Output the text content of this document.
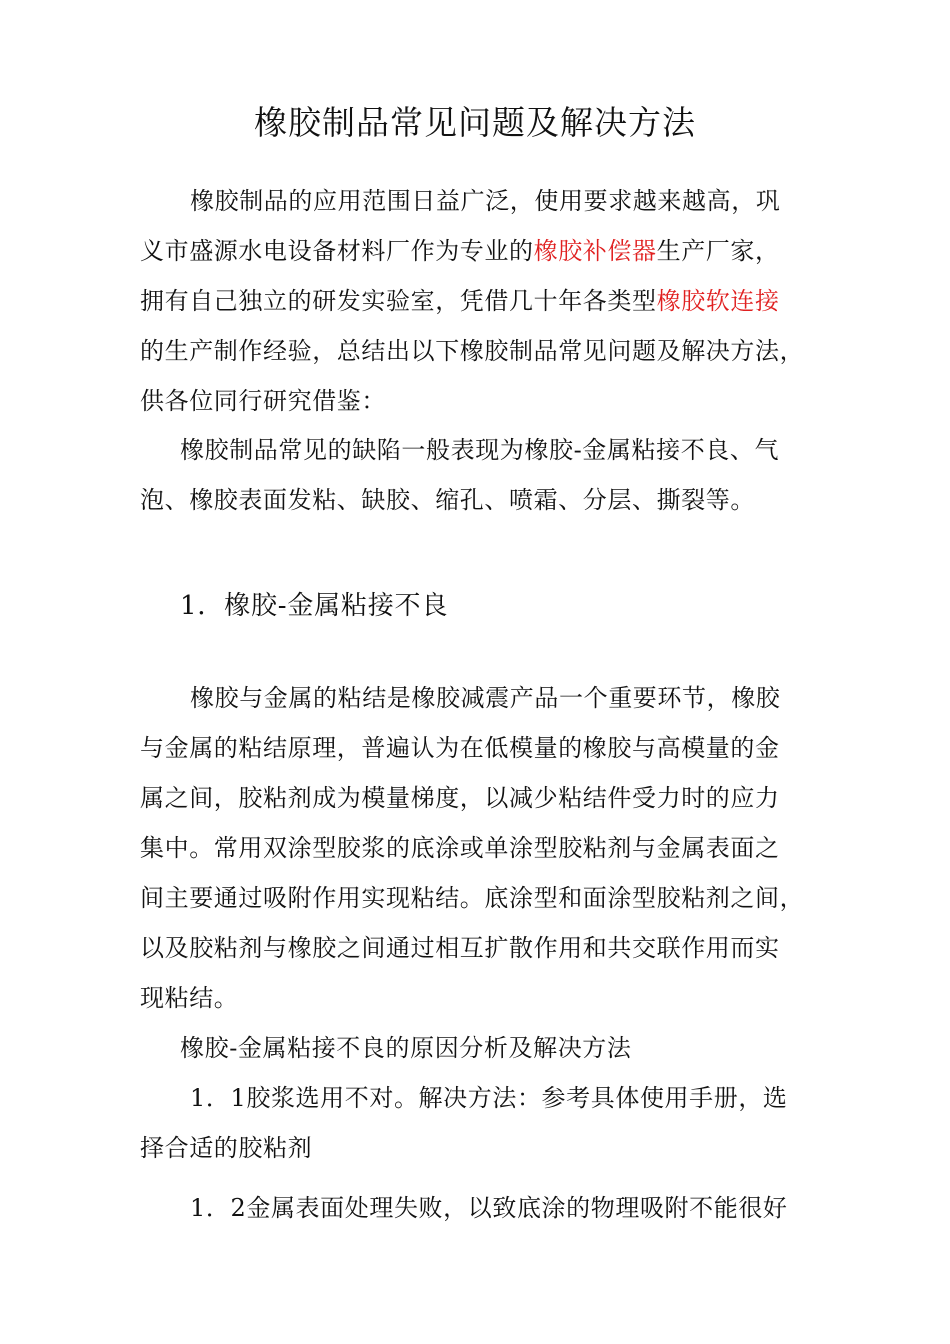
橡胶制品常见问题及解决方法
橡胶制品的应用范围日益广泛，使用要求越来越高，巩
义市盛源水电设备材料厂作为专业的橡胶补偿器生产厂家，
拥有自己独立的研发实验室，凭借几十年各类型橡胶软连接
的生产制作经验，总结出以下橡胶制品常见问题及解决方法，
供各位同行研究借鉴：
橡胶制品常见的缺陷一般表现为橡胶-金属粘接不良、气
泡、橡胶表面发粘、缺胶、缩孔、喷霜、分层、撕裂等。
1．橡胶-金属粘接不良
橡胶与金属的粘结是橡胶减震产品一个重要环节，橡胶
与金属的粘结原理，普遍认为在低模量的橡胶与高模量的金
属之间，胶粘剂成为模量梯度，以减少粘结件受力时的应力
集中。常用双涂型胶浆的底涂或单涂型胶粘剂与金属表面之
间主要通过吸附作用实现粘结。底涂型和面涂型胶粘剂之间，
以及胶粘剂与橡胶之间通过相互扩散作用和共交联作用而实
现粘结。
橡胶-金属粘接不良的原因分析及解决方法
1．1胶浆选用不对。解决方法：参考具体使用手册，选
择合适的胶粘剂
1．2金属表面处理失败，以致底涂的物理吸附不能很好
